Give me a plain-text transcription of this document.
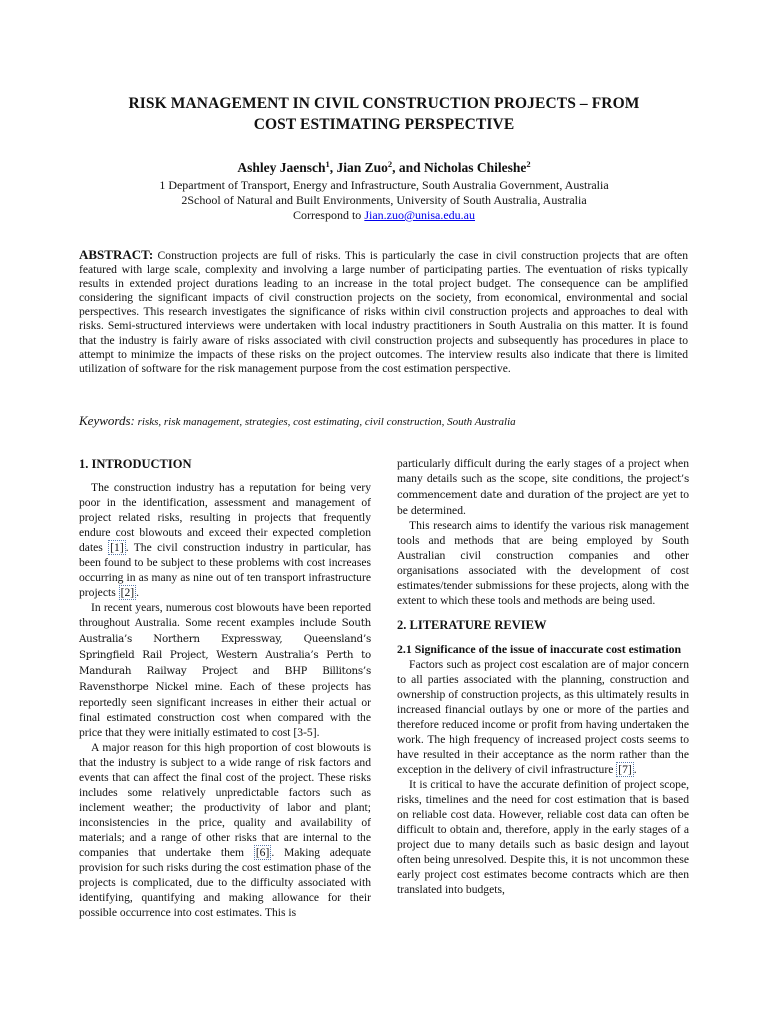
RISK MANAGEMENT IN CIVIL CONSTRUCTION PROJECTS – FROM
COST ESTIMATING PERSPECTIVE
Ashley Jaensch$^1$, Jian Zuo$^2$, and Nicholas Chileshe$^2$
1 Department of Transport, Energy and Infrastructure, South Australia Government, Australia
2School of Natural and Built Environments, University of South Australia, Australia
Correspond to Jian.zuo@unisa.edu.au
ABSTRACT: Construction projects are full of risks. This is particularly the case in civil construction projects that are often featured with large scale, complexity and involving a large number of participating parties. The eventuation of risks typically results in extended project durations leading to an increase in the total project budget. The consequence can be amplified considering the significant impacts of civil construction projects on the society, from economical, environmental and social perspectives. This research investigates the significance of risks within civil construction projects and approaches to deal with risks. Semi-structured interviews were undertaken with local industry practitioners in South Australia on this matter. It is found that the industry is fairly aware of risks associated with civil construction projects and subsequently has procedures in place to attempt to minimize the impacts of these risks on the project outcomes. The interview results also indicate that there is limited utilization of software for the risk management purpose from the cost estimation perspective.
Keywords: risks, risk management, strategies, cost estimating, civil construction, South Australia
1. INTRODUCTION

The construction industry has a reputation for being very poor in the identification, assessment and management of project related risks, resulting in projects that frequently endure cost blowouts and exceed their expected completion dates [1] . The civil construction industry in particular, has been found to be subject to these problems with cost increases occurring in as many as nine out of ten transport infrastructure projects [2] .

In recent years, numerous cost blowouts have been reported throughout Australia. Some recent examples include South Australia’s Northern Expressway, Queensland’s Springfield Rail Project, Western Australia’s Perth to Mandurah Railway Project and BHP Billitons’s Ravensthorpe Nickel mine. Each of these projects has reportedly seen significant increases in either their actual or final estimated construction cost when compared with the price that they were initially estimated to cost [3-5].

A major reason for this high proportion of cost blowouts is that the industry is subject to a wide range of risk factors and events that can affect the final cost of the project. These risks includes some relatively unpredictable factors such as inclement weather; the productivity of labor and plant; inconsistencies in the price, quality and availability of materials; and a range of other risks that are internal to the companies that undertake them [6] . Making adequate provision for such risks during the cost estimation phase of the projects is complicated, due to the difficulty associated with identifying, quantifying and making allowance for their possible occurrence into cost estimates. This is

particularly difficult during the early stages of a project when many details such as the scope, site conditions, the project’s commencement date and duration of the project are yet to be determined.

This research aims to identify the various risk management tools and methods that are being employed by South Australian civil construction companies and other organisations associated with the development of cost estimates/tender submissions for these projects, along with the extent to which these tools and methods are being used.

2. LITERATURE REVIEW
2.1 Significance of the issue of inaccurate cost estimation

Factors such as project cost escalation are of major concern to all parties associated with the planning, construction and ownership of construction projects, as this ultimately results in increased financial outlays by one or more of the parties and therefore reduced income or profit from having undertaken the work. The high frequency of increased project costs seems to have resulted in their acceptance as the norm rather than the exception in the delivery of civil infrastructure [7] .

It is critical to have the accurate definition of project scope, risks, timelines and the need for cost estimation that is based on reliable cost data. However, reliable cost data can often be difficult to obtain and, therefore, apply in the early stages of a project due to many details such as basic design and layout often being unresolved. Despite this, it is not uncommon these early project cost estimates become contracts which are then translated into budgets,
